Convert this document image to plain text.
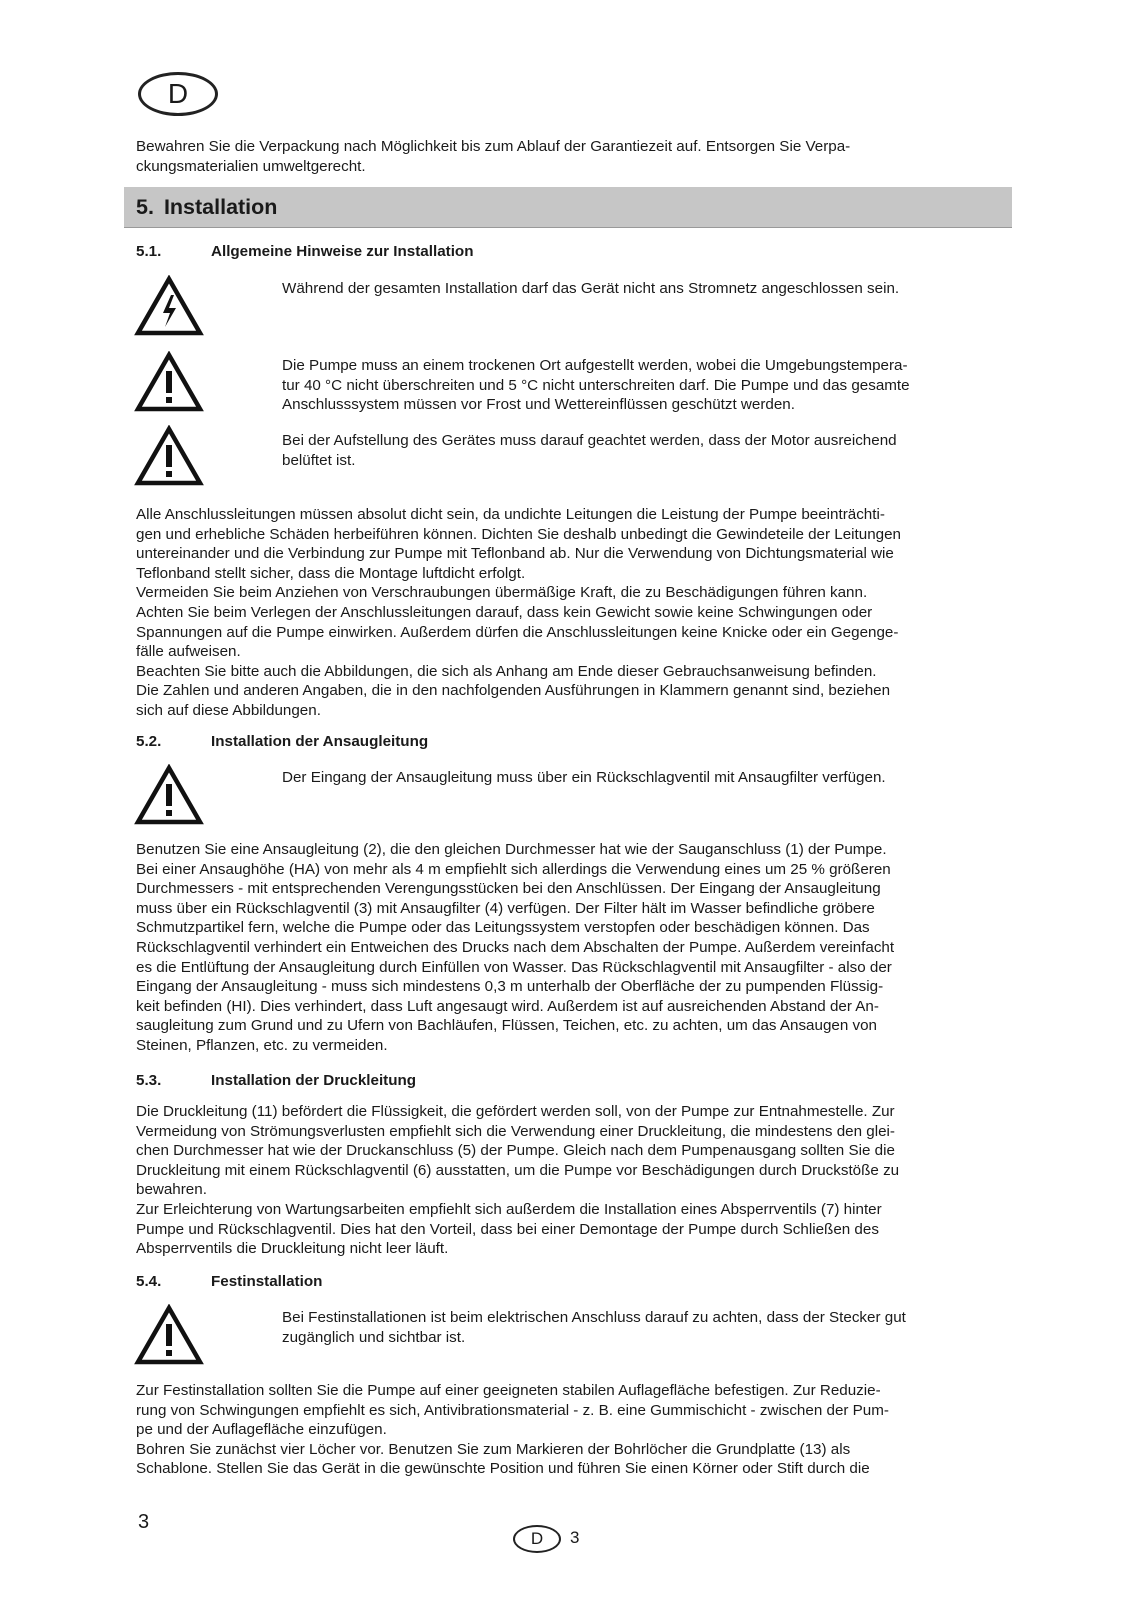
D

Bewahren Sie die Verpackung nach Möglichkeit bis zum Ablauf der Garantiezeit auf. Entsorgen Sie Verpa-

ckungsmaterialien umweltgerecht.

5. Installation
5.1.	Allgemeine Hinweise zur Installation

Während der gesamten Installation darf das Gerät nicht ans Stromnetz angeschlossen sein.

Die Pumpe muss an einem trockenen Ort aufgestellt werden, wobei die Umgebungstempera-

tur 40 °C nicht überschreiten und 5 °C nicht unterschreiten darf. Die Pumpe und das gesamte

Anschlusssystem müssen vor Frost und Wettereinflüssen geschützt werden.

Bei der Aufstellung des Gerätes muss darauf geachtet werden, dass der Motor ausreichend

belüftet ist.

Alle Anschlussleitungen müssen absolut dicht sein, da undichte Leitungen die Leistung der Pumpe beeinträchti-

gen und erhebliche Schäden herbeiführen können. Dichten Sie deshalb unbedingt die Gewindeteile der Leitungen

untereinander und die Verbindung zur Pumpe mit Teflonband ab. Nur die Verwendung von Dichtungsmaterial wie

Teflonband stellt sicher, dass die Montage luftdicht erfolgt.

Vermeiden Sie beim Anziehen von Verschraubungen übermäßige Kraft, die zu Beschädigungen führen kann.

Achten Sie beim Verlegen der Anschlussleitungen darauf, dass kein Gewicht sowie keine Schwingungen oder

Spannungen auf die Pumpe einwirken. Außerdem dürfen die Anschlussleitungen keine Knicke oder ein Gegenge-

fälle aufweisen.

Beachten Sie bitte auch die Abbildungen, die sich als Anhang am Ende dieser Gebrauchsanweisung befinden.

Die Zahlen und anderen Angaben, die in den nachfolgenden Ausführungen in Klammern genannt sind, beziehen

sich auf diese Abbildungen.

5.2.	Installation der Ansaugleitung

Der Eingang der Ansaugleitung muss über ein Rückschlagventil mit Ansaugfilter verfügen.

Benutzen Sie eine Ansaugleitung (2), die den gleichen Durchmesser hat wie der Sauganschluss (1) der Pumpe.

Bei einer Ansaughöhe (HA) von mehr als 4 m empfiehlt sich allerdings die Verwendung eines um 25 % größeren

Durchmessers - mit entsprechenden Verengungsstücken bei den Anschlüssen. Der Eingang der Ansaugleitung

muss über ein Rückschlagventil (3) mit Ansaugfilter (4) verfügen. Der Filter hält im Wasser befindliche gröbere

Schmutzpartikel fern, welche die Pumpe oder das Leitungssystem verstopfen oder beschädigen können. Das

Rückschlagventil verhindert ein Entweichen des Drucks nach dem Abschalten der Pumpe. Außerdem vereinfacht

es die Entlüftung der Ansaugleitung durch Einfüllen von Wasser. Das Rückschlagventil mit Ansaugfilter - also der

Eingang der Ansaugleitung - muss sich mindestens 0,3 m unterhalb der Oberfläche der zu pumpenden Flüssig-

keit befinden (HI). Dies verhindert, dass Luft angesaugt wird. Außerdem ist auf ausreichenden Abstand der An-

saugleitung zum Grund und zu Ufern von Bachläufen, Flüssen, Teichen, etc. zu achten, um das Ansaugen von

Steinen, Pflanzen, etc. zu vermeiden.

5.3.	Installation der Druckleitung

Die Druckleitung (11) befördert die Flüssigkeit, die gefördert werden soll, von der Pumpe zur Entnahmestelle. Zur

Vermeidung von Strömungsverlusten empfiehlt sich die Verwendung einer Druckleitung, die mindestens den glei-

chen Durchmesser hat wie der Druckanschluss (5) der Pumpe. Gleich nach dem Pumpenausgang sollten Sie die

Druckleitung mit einem Rückschlagventil (6) ausstatten, um die Pumpe vor Beschädigungen durch Druckstöße zu

bewahren.

Zur Erleichterung von Wartungsarbeiten empfiehlt sich außerdem die Installation eines Absperrventils (7) hinter

Pumpe und Rückschlagventil. Dies hat den Vorteil, dass bei einer Demontage der Pumpe durch Schließen des

Absperrventils die Druckleitung nicht leer läuft.

5.4.	Festinstallation

Bei Festinstallationen ist beim elektrischen Anschluss darauf zu achten, dass der Stecker gut

zugänglich und sichtbar ist.

Zur Festinstallation sollten Sie die Pumpe auf einer geeigneten stabilen Auflagefläche befestigen. Zur Reduzie-

rung von Schwingungen empfiehlt es sich, Antivibrationsmaterial - z. B. eine Gummischicht - zwischen der Pum-

pe und der Auflagefläche einzufügen.

Bohren Sie zunächst vier Löcher vor. Benutzen Sie zum Markieren der Bohrlöcher die Grundplatte (13) als

Schablone. Stellen Sie das Gerät in die gewünschte Position und führen Sie einen Körner oder Stift durch die

3
D	3
